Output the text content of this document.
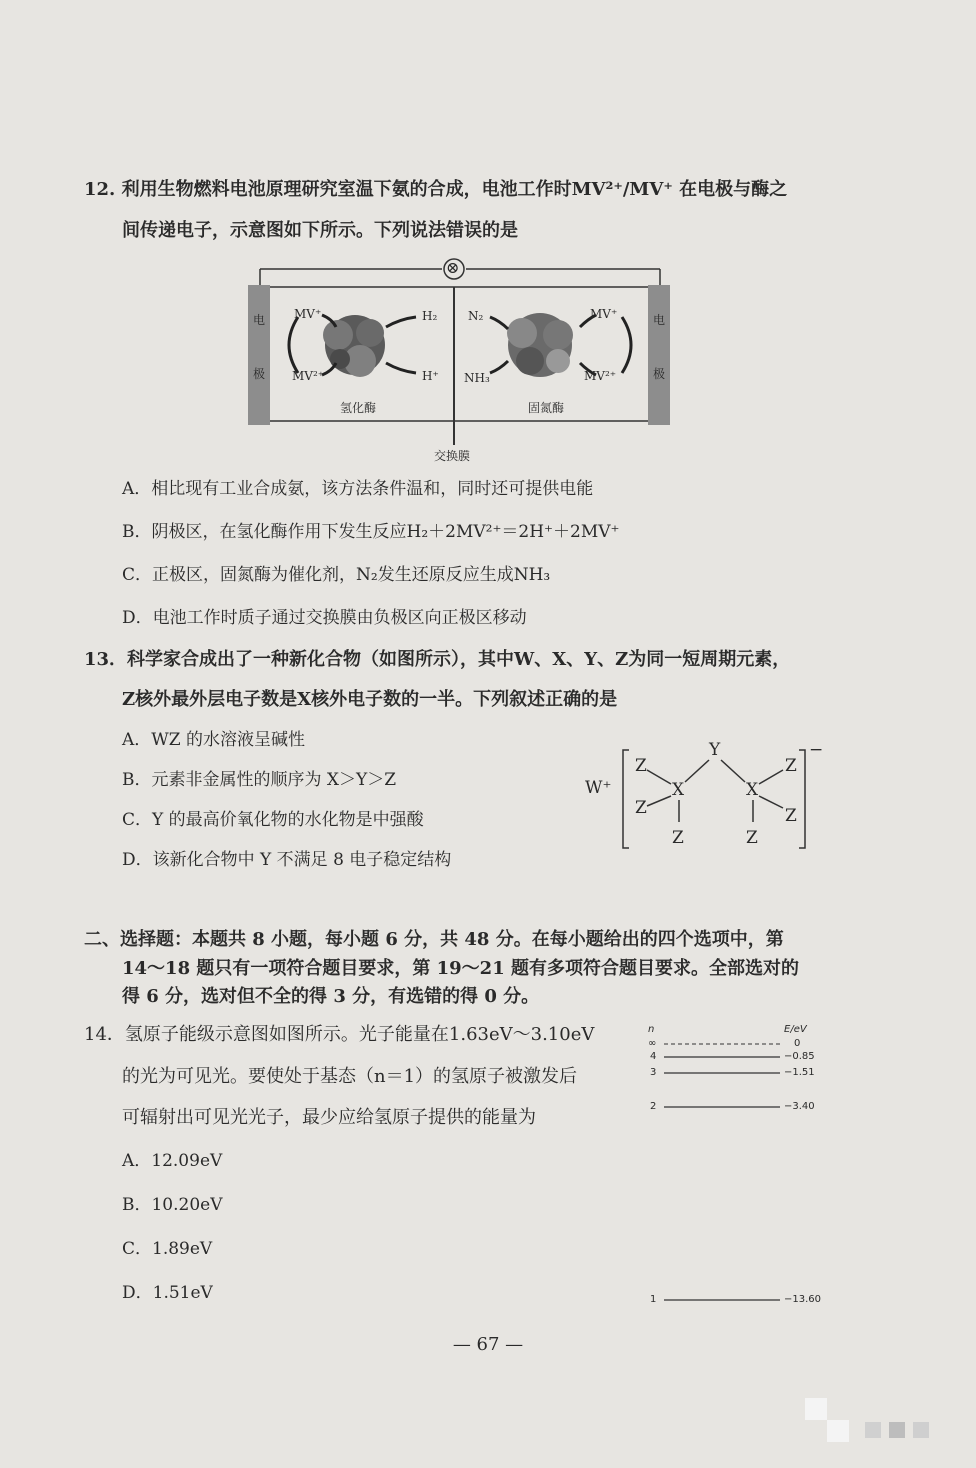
12. 利用生物燃料电池原理研究室温下氨的合成，电池工作时MV²⁺/MV⁺ 在电极与酶之
间传递电子，示意图如下所示。下列说法错误的是
⊗
电
极
电
极
MV⁺
MV²⁺
H₂
H⁺
N₂
NH₃
MV⁺
MV²⁺
氢化酶	固氮酶
交换膜
A．相比现有工业合成氨，该方法条件温和，同时还可提供电能
B．阴极区，在氢化酶作用下发生反应H₂＋2MV²⁺＝2H⁺＋2MV⁺
C．正极区，固氮酶为催化剂，N₂发生还原反应生成NH₃
D．电池工作时质子通过交换膜由负极区向正极区移动
13．科学家合成出了一种新化合物（如图所示），其中W、X、Y、Z为同一短周期元素，
Z核外最外层电子数是X核外电子数的一半。下列叙述正确的是
A．WZ 的水溶液呈碱性
B．元素非金属性的顺序为 X＞Y＞Z
C．Y 的最高价氧化物的水化物是中强酸
D．该新化合物中 Y 不满足 8 电子稳定结构
W⁺
Z
Z
X
Y
X
Z
Z
Z	Z
−
二、选择题：本题共 8 小题，每小题 6 分，共 48 分。在每小题给出的四个选项中，第
14～18 题只有一项符合题目要求，第 19～21 题有多项符合题目要求。全部选对的
得 6 分，选对但不全的得 3 分，有选错的得 0 分。
14．氢原子能级示意图如图所示。光子能量在1.63eV～3.10eV
的光为可见光。要使处于基态（n＝1）的氢原子被激发后
可辐射出可见光光子，最少应给氢原子提供的能量为
A．12.09eV
B．10.20eV
C．1.89eV
D．1.51eV
n	E/eV
∞
4
3
2
1
0
−0.85
−1.51
−3.40
−13.60
— 67 —
